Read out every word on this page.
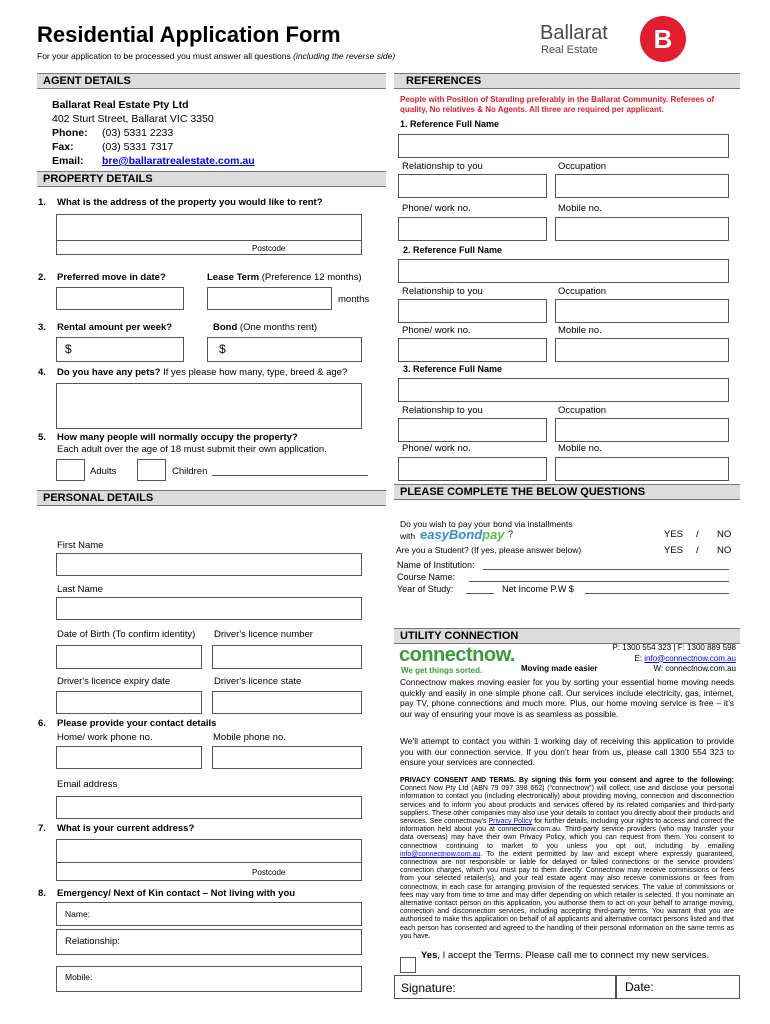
Residential Application Form
For your application to be processed you must answer all questions (including the reverse side)
Ballarat
Real Estate	B
AGENT DETAILS
Ballarat Real Estate Pty Ltd
402 Sturt Street, Ballarat VIC 3350
Phone: (03) 5331 2233
Fax:	(03) 5331 7317
Email: bre@ballaratrealestate.com.au
PROPERTY DETAILS
1. What is the address of the property you would like to rent?
Postcode
2. Preferred move in date?	Lease Term (Preference 12 months)
months
3. Rental amount per week?	Bond (One months rent)
$	$
4. Do you have any pets? If yes please how many, type, breed & age?
5. How many people will normally occupy the property?
Each adult over the age of 18 must submit their own application.
Adults	Children
PERSONAL DETAILS
First Name
Last Name
Date of Birth (To confirm identity) Driver's licence number
Driver's licence expiry date	Driver's licence state
6. Please provide your contact details
Home/ work phone no.	Mobile phone no.
Email address
7. What is your current address?
Postcode
8. Emergency/ Next of Kin contact – Not living with you
Name:
Relationship:
Mobile:
REFERENCES
People with Position of Standing preferably in the Ballarat Community. Referees of quality, No relatives & No Agents. All three are required per applicant.
1. Reference Full Name
Relationship to you	Occupation
Phone/ work no.	Mobile no.
2. Reference Full Name
Relationship to you	Occupation
Phone/ work no.	Mobile no.
3. Reference Full Name
Relationship to you	Occupation
Phone/ work no.	Mobile no.
PLEASE COMPLETE THE BELOW QUESTIONS
Do you wish to pay your bond via installments
with easyBondpay ?	YES / NO
Are you a Student? (If yes, please answer below)	YES / NO
Name of Institution:
Course Name:
Year of Study:	Net Income P.W $
UTILITY CONNECTION
P: 1300 554 323 | F: 1300 889 598
E: info@connectnow.com.au
W: connectnow.com.au
connectnow.
We get things sorted.	Moving made easier
Connectnow makes moving easier for you by sorting your essential home moving needs quickly and easily in one simple phone call. Our services include electricity, gas, internet, pay TV, phone connections and much more. Plus, our home moving service is free – it’s our way of ensuring your move is as seamless as possible.
We’ll attempt to contact you within 1 working day of receiving this application to provide you with our connection service. If you don’t hear from us, please call 1300 554 323 to ensure your services are connected.
PRIVACY CONSENT AND TERMS. By signing this form you consent and agree to the following: Connect Now Pty Ltd (ABN 79 097 398 662) (“connectnow”) will collect, use and disclose your personal information to contact you (including electronically) about providing moving, connection and disconnection services and to inform you about products and services offered by its related companies and third-party suppliers. These other companies may also use your details to contact you directly about their products and services. See connectnow’s Privacy Policy for further details, including your rights to access and correct the information held about you at connectnow.com.au. Third-party service providers (who may transfer your data overseas) may have their own Privacy Policy, which you can request from them. You consent to connectnow continuing to market to you unless you opt out, including by emailing info@connectnow.com.au. To the extent permitted by law and except where expressly guaranteed, connectnow are not responsible or liable for delayed or failed connections or the service providers’ connection charges, which you must pay to them directly. Connectnow may receive commissions or fees from your selected retailer(s), and your real estate agent may also receive commissions or fees from connectnow, in each case for arranging provision of the requested services. The value of commissions or fees may vary from time to time and may differ depending on which retailer is selected. If you nominate an alternative contact person on this application, you authorise them to act on your behalf to arrange moving, connection and disconnection services, including accepting third-party terms. You warrant that you are authorised to make this application on behalf of all applicants and alternative contact persons listed and that each person has consented and agreed to the handling of their personal information on the same terms as you have.
Yes, I accept the Terms. Please call me to connect my new services.
Signature:	Date:
